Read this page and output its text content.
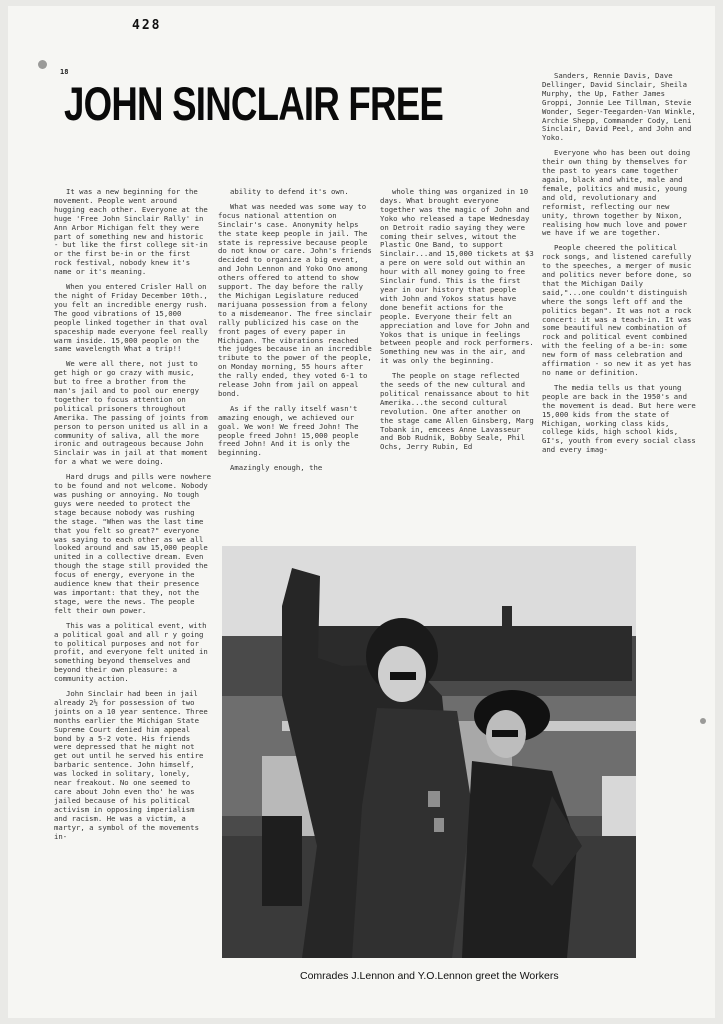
428
18
JOHN SINCLAIR FREE

It was a new beginning for the movement. People went around hugging each other. Everyone at the huge 'Free John Sinclair Rally' in Ann Arbor Michigan felt they were part of something new and historic - but like the first college sit-in or the first be-in or the first rock festival, nobody knew it's name or it's meaning.

When you entered Crisler Hall on the night of Friday December 10th., you felt an incredible energy rush. The good vibrations of 15,000 people linked together in that oval spaceship made everyone feel really warm inside. 15,000 people on the same wavelength What a trip!!

We were all there, not just to get high or go crazy with music, but to free a brother from the man's jail and to pool our energy together to focus attention on political prisoners throughout Amerika. The passing of joints from person to person united us all in a community of saliva, all the more ironic and outrageous because John Sinclair was in jail at that moment for a what we were doing.

Hard drugs and pills were nowhere to be found and not welcome. Nobody was pushing or annoying. No tough guys were needed to protect the stage because nobody was rushing the stage. "When was the last time that you felt so great?" everyone was saying to each other as we all looked around and saw 15,000 people united in a collective dream. Even though the stage still provided the focus of energy, everyone in the audience knew that their presence was important: that they, not the stage, were the news. The people felt their own power.

This was a political event, with a political goal and all r y going to political purposes and not for profit, and everyone felt united in something beyond themselves and beyond their own pleasure: a community action.

John Sinclair had been in jail already 2½ for possession of two joints on a 10 year sentence. Three months earlier the Michigan State Supreme Court denied him appeal bond by a 5-2 vote. His friends were depressed that he might not get out until he served his entire barbaric sentence. John himself, was locked in solitary, lonely, near freakout. No one seemed to care about John even tho' he was jailed because of his political activism in opposing imperialism and racism. He was a victim, a martyr, a symbol of the movements in-

ability to defend it's own.

What was needed was some way to focus national attention on Sinclair's case. Anonymity helps the state keep people in jail. The state is repressive because people do not know or care. John's friends decided to organize a big event, and John Lennon and Yoko Ono among others offered to attend to show support. The day before the rally the Michigan Legislature reduced marijuana possession from a felony to a misdemeanor. The free sinclair rally publicized his case on the front pages of every paper in Michigan. The vibrations reached the judges because in an incredible tribute to the power of the people, on Monday morning, 55 hours after the rally ended, they voted 6-1 to release John from jail on appeal bond.

As if the rally itself wasn't amazing enough, we achieved our goal. We won! We freed John! The people freed John! 15,000 people freed John! And it is only the beginning.

Amazingly enough, the

whole thing was organized in 10 days. What brought everyone together was the magic of John and Yoko who released a tape Wednesday on Detroit radio saying they were coming their selves, witout the Plastic One Band, to support Sinclair...and 15,000 tickets at $3 a pere on were sold out within an hour with all money going to free Sinclair fund. This is the first year in our history that people with John and Yokos status have done benefit actions for the people. Everyone their felt an appreciation and love for John and Yokos that is unique in feelings between people and rock performers. Something new was in the air, and it was only the beginning.

The people on stage reflected the seeds of the new cultural and political renaissance about to hit Amerika...the second cultural revolution. One after another on the stage came Allen Ginsberg, Marg Tobank in, emcees Anne Lavasseur and Bob Rudnik, Bobby Seale, Phil Ochs, Jerry Rubin, Ed

Sanders, Rennie Davis, Dave Dellinger, David Sinclair, Sheila Murphy, the Up, Father James Groppi, Jonnie Lee Tillman, Stevie Wonder, Seger-Teegarden-Van Winkle, Archie Shepp, Commander Cody, Leni Sinclair, David Peel, and John and Yoko.

Everyone who has been out doing their own thing by themselves for the past to years came together again, black and white, male and female, politics and music, young and old, revolutionary and reformist, reflecting our new unity, thrown together by Nixon, realising how much love and power we have if we are together.

People cheered the political rock songs, and listened carefully to the speeches, a merger of music and politics never before done, so that the Michigan Daily said,"...one couldn't distinguish where the songs left off and the politics began". It was not a rock concert: it was a teach-in. It was some beautiful new combination of rock and political event combined with the feeling of a be-in: some new form of mass celebration and affirmation - so new it as yet has no name or definition.

The media tells us that young people are back in the 1950's and the movement is dead. But here were 15,000 kids from the state of Michigan, working class kids, college kids, high school kids, GI's, youth from every social class and every imag-

Comrades J.Lennon and Y.O.Lennon greet the Workers
